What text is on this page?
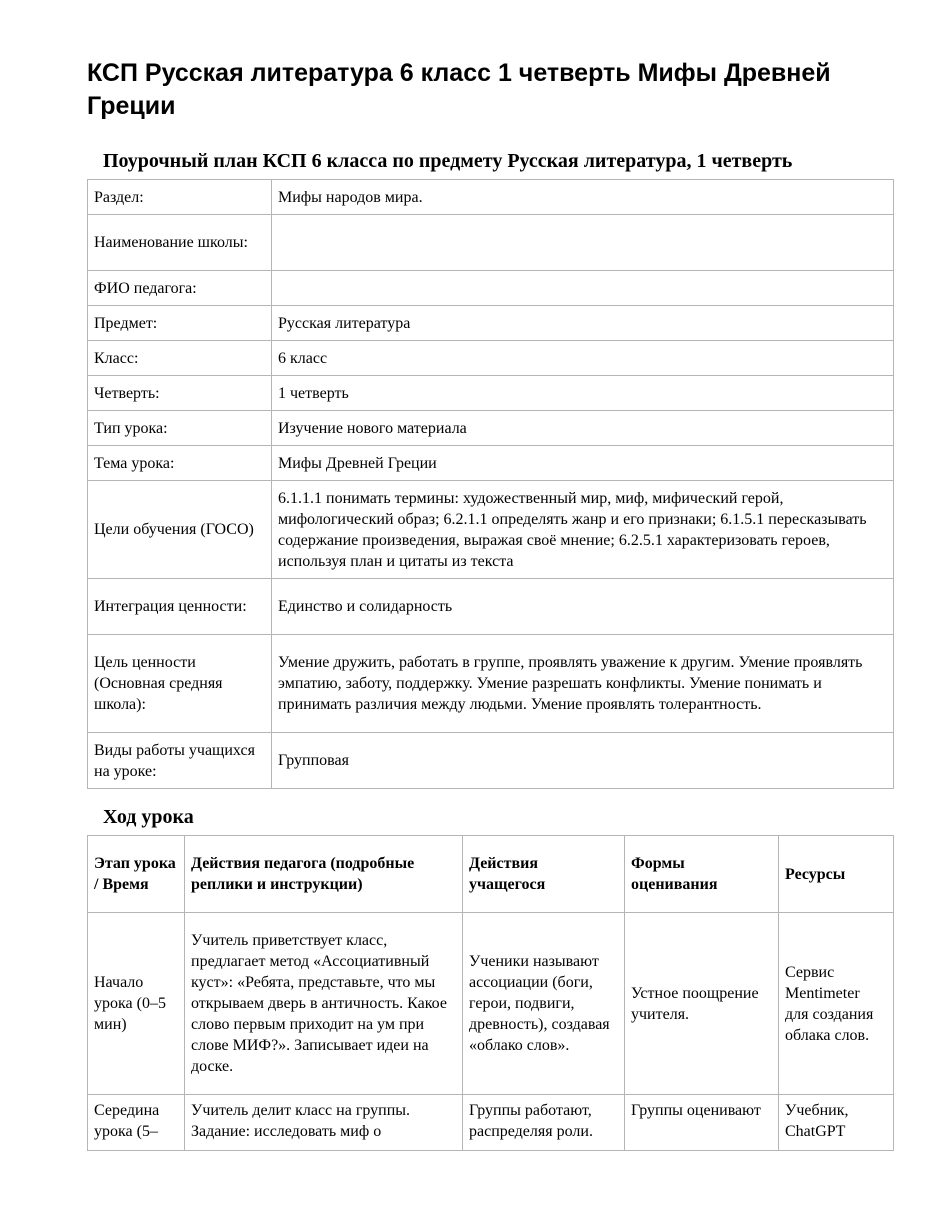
КСП Русская литература 6 класс 1 четверть Мифы Древней Греции
Поурочный план КСП 6 класса по предмету Русская литература, 1 четверть
Раздел:	Мифы народов мира.
Наименование школы:	
ФИО педагога:	
Предмет:	Русская литература
Класс:	6 класс
Четверть:	1 четверть
Тип урока:	Изучение нового материала
Тема урока:	Мифы Древней Греции
Цели обучения (ГОСО)	6.1.1.1 понимать термины: художественный мир, миф, мифический герой, мифологический образ; 6.2.1.1 определять жанр и его признаки; 6.1.5.1 пересказывать содержание произведения, выражая своё мнение; 6.2.5.1 характеризовать героев, используя план и цитаты из текста
Интеграция ценности:	Единство и солидарность
Цель ценности (Основная средняя школа):	Умение дружить, работать в группе, проявлять уважение к другим. Умение проявлять эмпатию, заботу, поддержку. Умение разрешать конфликты. Умение понимать и принимать различия между людьми. Умение проявлять толерантность.
Виды работы учащихся на уроке:	Групповая
Ход урока
Этап урока / Время	Действия педагога (подробные реплики и инструкции)	Действия учащегося	Формы оценивания	Ресурсы
Начало урока (0–5 мин)	Учитель приветствует класс, предлагает метод «Ассоциативный куст»: «Ребята, представьте, что мы открываем дверь в античность. Какое слово первым приходит на ум при слове МИФ?». Записывает идеи на доске.	Ученики называют ассоциации (боги, герои, подвиги, древность), создавая «облако слов».	Устное поощрение учителя.	Сервис Mentimeter для создания облака слов.
Середина урока (5–	Учитель делит класс на группы. Задание: исследовать миф о	Группы работают, распределяя роли.	Группы оценивают	Учебник, ChatGPT
